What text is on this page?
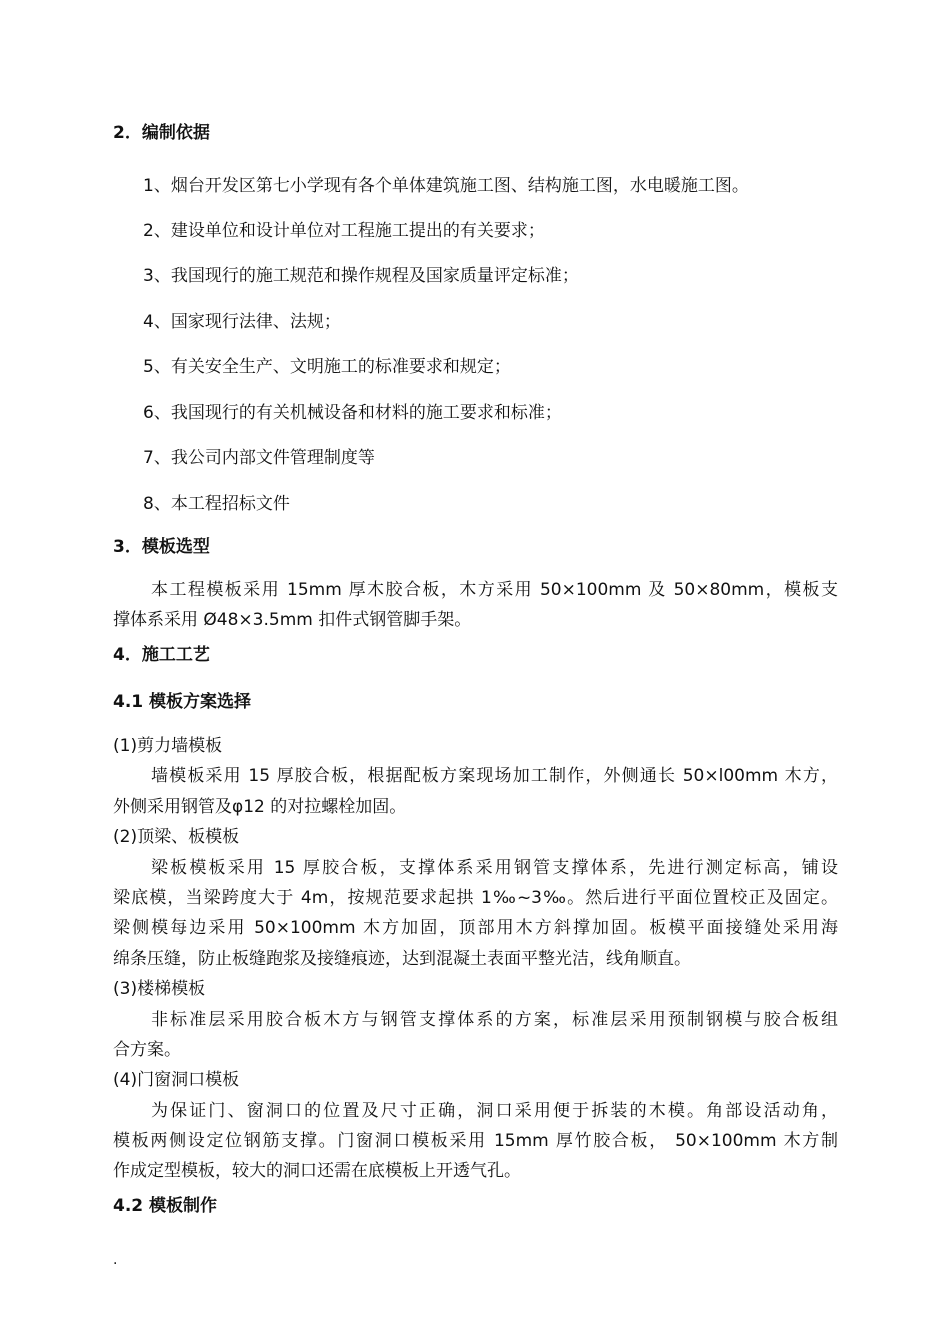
2．编制依据
1、烟台开发区第七小学现有各个单体建筑施工图、结构施工图，水电暖施工图。
2、建设单位和设计单位对工程施工提出的有关要求；
3、我国现行的施工规范和操作规程及国家质量评定标准；
4、国家现行法律、法规；
5、有关安全生产、文明施工的标准要求和规定；
6、我国现行的有关机械设备和材料的施工要求和标准；
7、我公司内部文件管理制度等
8、本工程招标文件
3．模板选型
本工程模板采用 15mm 厚木胶合板，木方采用 50×100mm 及 50×80mm，模板支
撑体系采用 Ø48×3.5mm 扣件式钢管脚手架。
4．施工工艺
4.1 模板方案选择
(1)剪力墙模板
墙模板采用 15 厚胶合板，根据配板方案现场加工制作，外侧通长 50×l00mm 木方，
外侧采用钢管及φ12 的对拉螺栓加固。
(2)顶梁、板模板
梁板模板采用 15 厚胶合板，支撑体系采用钢管支撑体系，先进行测定标高，铺设
梁底模，当梁跨度大于 4m，按规范要求起拱 1‰~3‰。然后进行平面位置校正及固定。
梁侧模每边采用 50×100mm 木方加固，顶部用木方斜撑加固。板模平面接缝处采用海
绵条压缝，防止板缝跑浆及接缝痕迹，达到混凝土表面平整光洁，线角顺直。
(3)楼梯模板
非标准层采用胶合板木方与钢管支撑体系的方案，标准层采用预制钢模与胶合板组
合方案。
(4)门窗洞口模板
为保证门、窗洞口的位置及尺寸正确，洞口采用便于拆装的木模。角部设活动角，
模板两侧设定位钢筋支撑。门窗洞口模板采用 15mm 厚竹胶合板， 50×100mm 木方制
作成定型模板，较大的洞口还需在底模板上开透气孔。
4.2 模板制作
.
